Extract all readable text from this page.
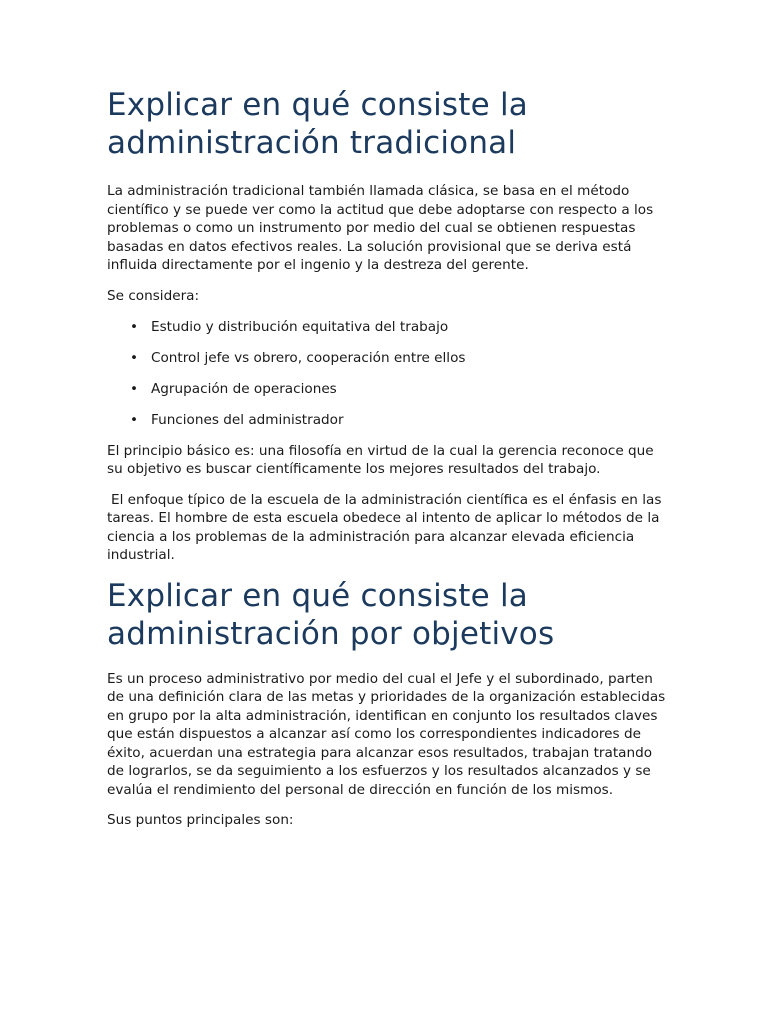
Explicar en qué consiste la administración tradicional

La administración tradicional también llamada clásica, se basa en el método científico y se puede ver como la actitud que debe adoptarse con respecto a los problemas o como un instrumento por medio del cual se obtienen respuestas basadas en datos efectivos reales. La solución provisional que se deriva está influida directamente por el ingenio y la destreza del gerente.

Se considera:

• Estudio y distribución equitativa del trabajo
• Control jefe vs obrero, cooperación entre ellos
• Agrupación de operaciones
• Funciones del administrador

El principio básico es: una filosofía en virtud de la cual la gerencia reconoce que su objetivo es buscar científicamente los mejores resultados del trabajo.

El enfoque típico de la escuela de la administración científica es el énfasis en las tareas. El hombre de esta escuela obedece al intento de aplicar lo métodos de la ciencia a los problemas de la administración para alcanzar elevada eficiencia industrial.

Explicar en qué consiste la administración por objetivos

Es un proceso administrativo por medio del cual el Jefe y el subordinado, parten de una definición clara de las metas y prioridades de la organización establecidas en grupo por la alta administración, identifican en conjunto los resultados claves que están dispuestos a alcanzar así como los correspondientes indicadores de éxito, acuerdan una estrategia para alcanzar esos resultados, trabajan tratando de lograrlos, se da seguimiento a los esfuerzos y los resultados alcanzados y se evalúa el rendimiento del personal de dirección en función de los mismos.

Sus puntos principales son:
